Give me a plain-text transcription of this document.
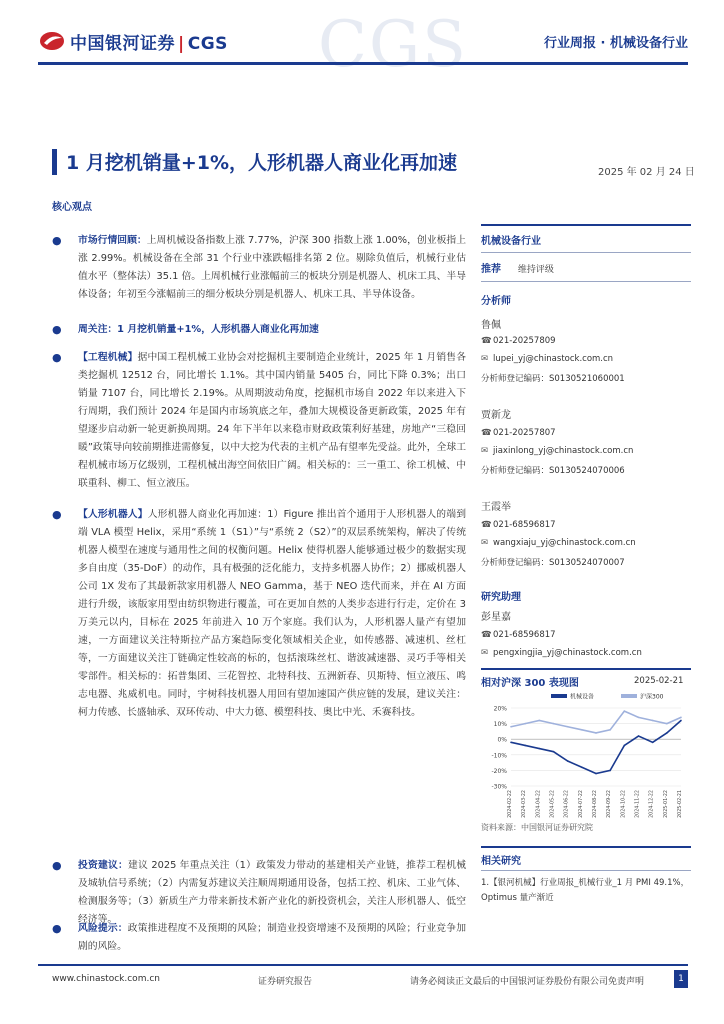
CGS
中国银河证券 | CGS	行业周报 · 机械设备行业
1 月挖机销量+1%，人形机器人商业化再加速	2025 年 02 月 24 日
核心观点
● 市场行情回顾：上周机械设备指数上涨 7.77%，沪深 300 指数上涨 1.00%，创业板指上涨 2.99%。机械设备在全部 31 个行业中涨跌幅排名第 2 位。剔除负值后，机械行业估值水平（整体法）35.1 倍。上周机械行业涨幅前三的板块分别是机器人、机床工具、半导体设备；年初至今涨幅前三的细分板块分别是机器人、机床工具、半导体设备。
● 周关注：1 月挖机销量+1%，人形机器人商业化再加速
● 【工程机械】据中国工程机械工业协会对挖掘机主要制造企业统计，2025 年 1 月销售各类挖掘机 12512 台，同比增长 1.1%。其中国内销量 5405 台，同比下降 0.3%；出口销量 7107 台，同比增长 2.19%。从周期波动角度，挖掘机市场自 2022 年以来进入下行周期，我们预计 2024 年是国内市场筑底之年，叠加大规模设备更新政策，2025 年有望逐步启动新一轮更新换周期。24 年下半年以来稳市财政政策利好基建，房地产“三稳回暖”政策导向较前期推进需修复，以中大挖为代表的主机产品有望率先受益。此外，全球工程机械市场万亿级别，工程机械出海空间依旧广阔。相关标的：三一重工、徐工机械、中联重科、柳工、恒立液压。
● 【人形机器人】人形机器人商业化再加速：1）Figure 推出首个通用于人形机器人的端到端 VLA 模型 Helix，采用“系统 1（S1）”与“系统 2（S2）”的双层系统架构，解决了传统机器人模型在速度与通用性之间的权衡问题。Helix 使得机器人能够通过极少的数据实现多自由度（35-DoF）的动作，具有极强的泛化能力，支持多机器人协作；2）挪威机器人公司 1X 发布了其最新款家用机器人 NEO Gamma，基于 NEO 迭代而来，并在 AI 方面进行升级，该版家用型由纺织物进行覆盖，可在更加自然的人类步态进行行走，定价在 3 万美元以内，目标在 2025 年前进入 10 万个家庭。我们认为，人形机器人量产有望加速，一方面建议关注特斯拉产品方案趋际变化领域相关企业，如传感器、减速机、丝杠等，一方面建议关注丁链确定性较高的标的，包括滚珠丝杠、谐波减速器、灵巧手等相关零部件。相关标的：拓普集团、三花智控、北特科技、五洲新春、贝斯特、恒立液压、鸣志电器、兆威机电。同时，宇树科技机器人用回有望加速国产供应链的发展，建议关注：柯力传感、长盛轴承、双环传动、中大力德、模塑科技、奥比中光、禾赛科技。
● 投资建议：建议 2025 年重点关注（1）政策发力带动的基建相关产业链，推荐工程机械及城轨信号系统；（2）内需复苏建议关注顺周期通用设备，包括工控、机床、工业气体、检测服务等；（3）新质生产力带来新技术新产业化的新投资机会，关注人形机器人、低空经济等。
● 风险提示：政策推进程度不及预期的风险；制造业投资增速不及预期的风险；行业竞争加剧的风险。
机械设备行业
推荐 维持评级
分析师
鲁佩
☎021-20257809
✉ lupei_yj@chinastock.com.cn
分析师登记编码：S0130521060001
贾新龙
☎021-20257807
✉ jiaxinlong_yj@chinastock.com.cn
分析师登记编码：S0130524070006
王霞举
☎021-68596817
✉ wangxiaju_yj@chinastock.com.cn
分析师登记编码：S0130524070007
研究助理
彭星嘉
☎021-68596817
✉ pengxingjia_yj@chinastock.com.cn
相对沪深 300 表现图	2025-02-21
机械设备	沪深300
20%
10%
0%
-10%
-20%
-30%
2024-02-22 2024-03-22 2024-04-22 2024-05-22 2024-06-22 2024-07-22 2024-08-22 2024-09-22 2024-10-22 2024-11-22 2024-12-22 2025-01-22 2025-02-21
资料来源：中国银河证券研究院
相关研究
1.【银河机械】行业周报_机械行业_1 月 PMI 49.1%，Optimus 量产渐近
www.chinastock.com.cn	证券研究报告	请务必阅读正文最后的中国银河证券股份有限公司免责声明	1
